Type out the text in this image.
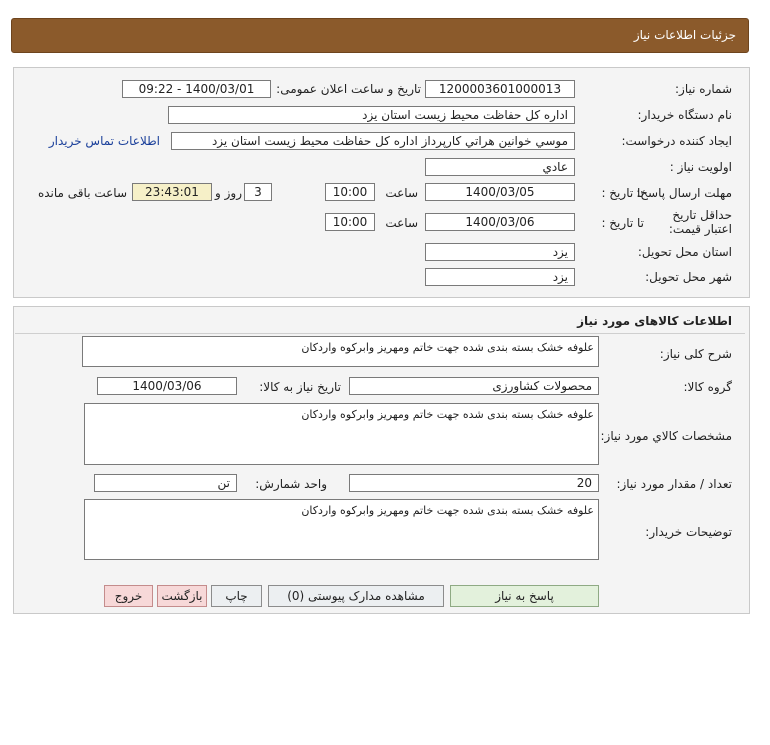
جزئیات اطلاعات نیاز
شماره نیاز:
1200003601000013
تاریخ و ساعت اعلان عمومی:
1400/03/01 - 09:22
نام دستگاه خریدار:
اداره کل حفاظت محیط زیست استان یزد
ایجاد کننده درخواست:
موسي خوانين هراتي کارپرداز اداره کل حفاظت محیط زیست استان یزد
اطلاعات تماس خریدار
اولویت نیاز :
عادي
مهلت ارسال پاسخ:
تا تاریخ :
1400/03/05
ساعت
10:00
3
روز و
23:43:01
ساعت باقی مانده
حداقل تاریخ اعتبار قیمت:
تا تاریخ :
1400/03/06
ساعت
10:00
استان محل تحویل:
یزد
شهر محل تحویل:
یزد
اطلاعات کالاهای مورد نیاز
شرح کلی نیاز:
علوفه خشک بسته بندی شده جهت خاتم ومهریز وابرکوه واردکان
گروه کالا:
محصولات کشاورزی
تاریخ نیاز به کالا:
1400/03/06
مشخصات کالاي مورد نیاز:
علوفه خشک بسته بندی شده جهت خاتم ومهریز وابرکوه واردکان
تعداد / مقدار مورد نیاز:
20
واحد شمارش:
تن
توضیحات خریدار:
علوفه خشک بسته بندی شده جهت خاتم ومهریز وابرکوه واردکان
پاسخ به نیاز
مشاهده مدارک پیوستی (0)
چاپ
بازگشت
خروج
